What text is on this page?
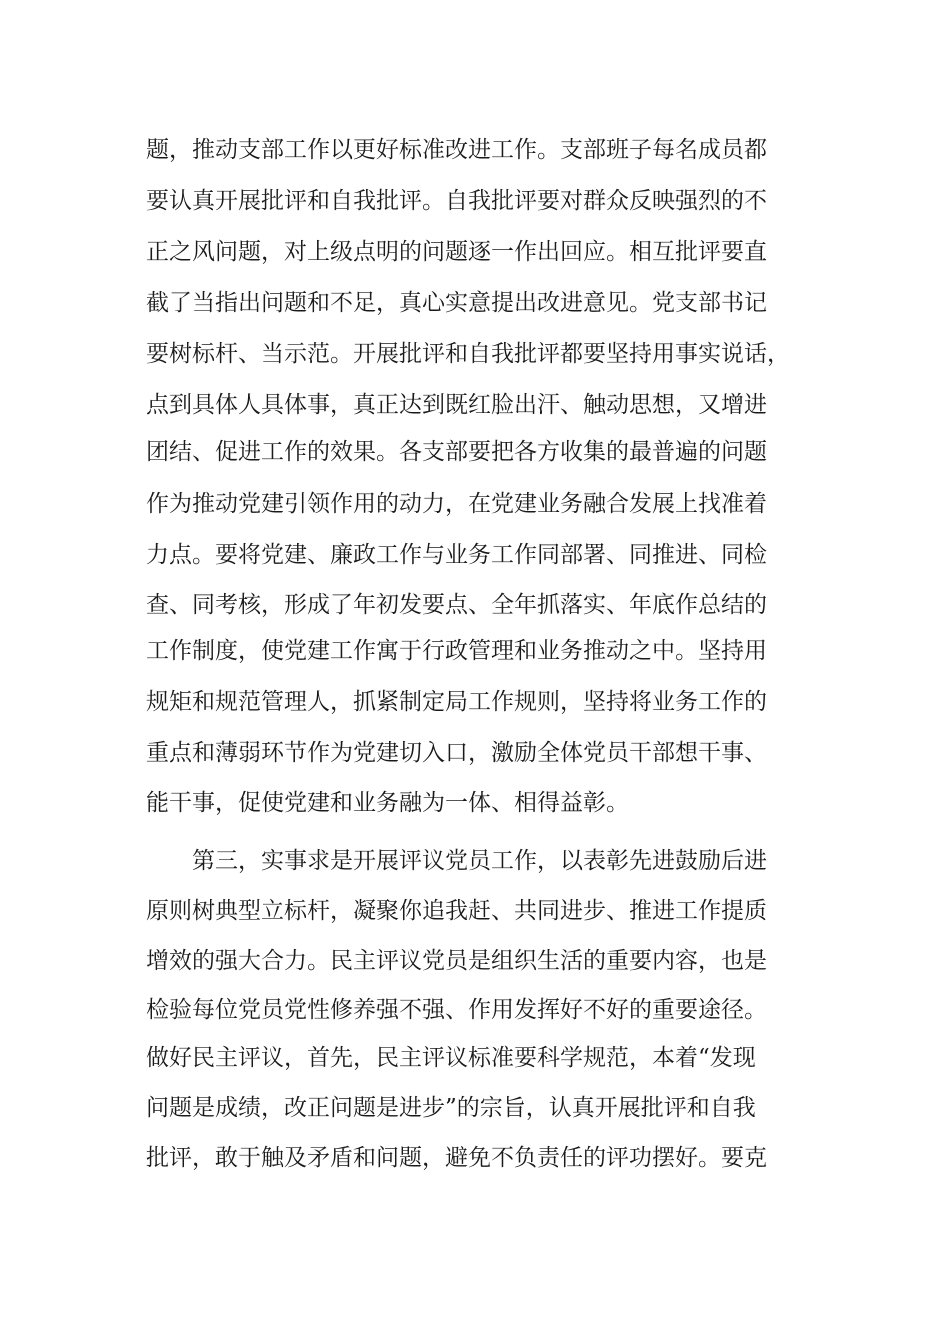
题，推动支部工作以更好标准改进工作。支部班子每名成员都
要认真开展批评和自我批评。自我批评要对群众反映强烈的不
正之风问题，对上级点明的问题逐一作出回应。相互批评要直
截了当指出问题和不足，真心实意提出改进意见。党支部书记
要树标杆、当示范。开展批评和自我批评都要坚持用事实说话，
点到具体人具体事，真正达到既红脸出汗、触动思想，又增进
团结、促进工作的效果。各支部要把各方收集的最普遍的问题
作为推动党建引领作用的动力，在党建业务融合发展上找准着
力点。要将党建、廉政工作与业务工作同部署、同推进、同检
查、同考核，形成了年初发要点、全年抓落实、年底作总结的
工作制度，使党建工作寓于行政管理和业务推动之中。坚持用
规矩和规范管理人，抓紧制定局工作规则，坚持将业务工作的
重点和薄弱环节作为党建切入口，激励全体党员干部想干事、
能干事，促使党建和业务融为一体、相得益彰。
第三，实事求是开展评议党员工作，以表彰先进鼓励后进
原则树典型立标杆，凝聚你追我赶、共同进步、推进工作提质
增效的强大合力。民主评议党员是组织生活的重要内容，也是
检验每位党员党性修养强不强、作用发挥好不好的重要途径。
做好民主评议，首先，民主评议标准要科学规范，本着“发现
问题是成绩，改正问题是进步”的宗旨，认真开展批评和自我
批评，敢于触及矛盾和问题，避免不负责任的评功摆好。要克
